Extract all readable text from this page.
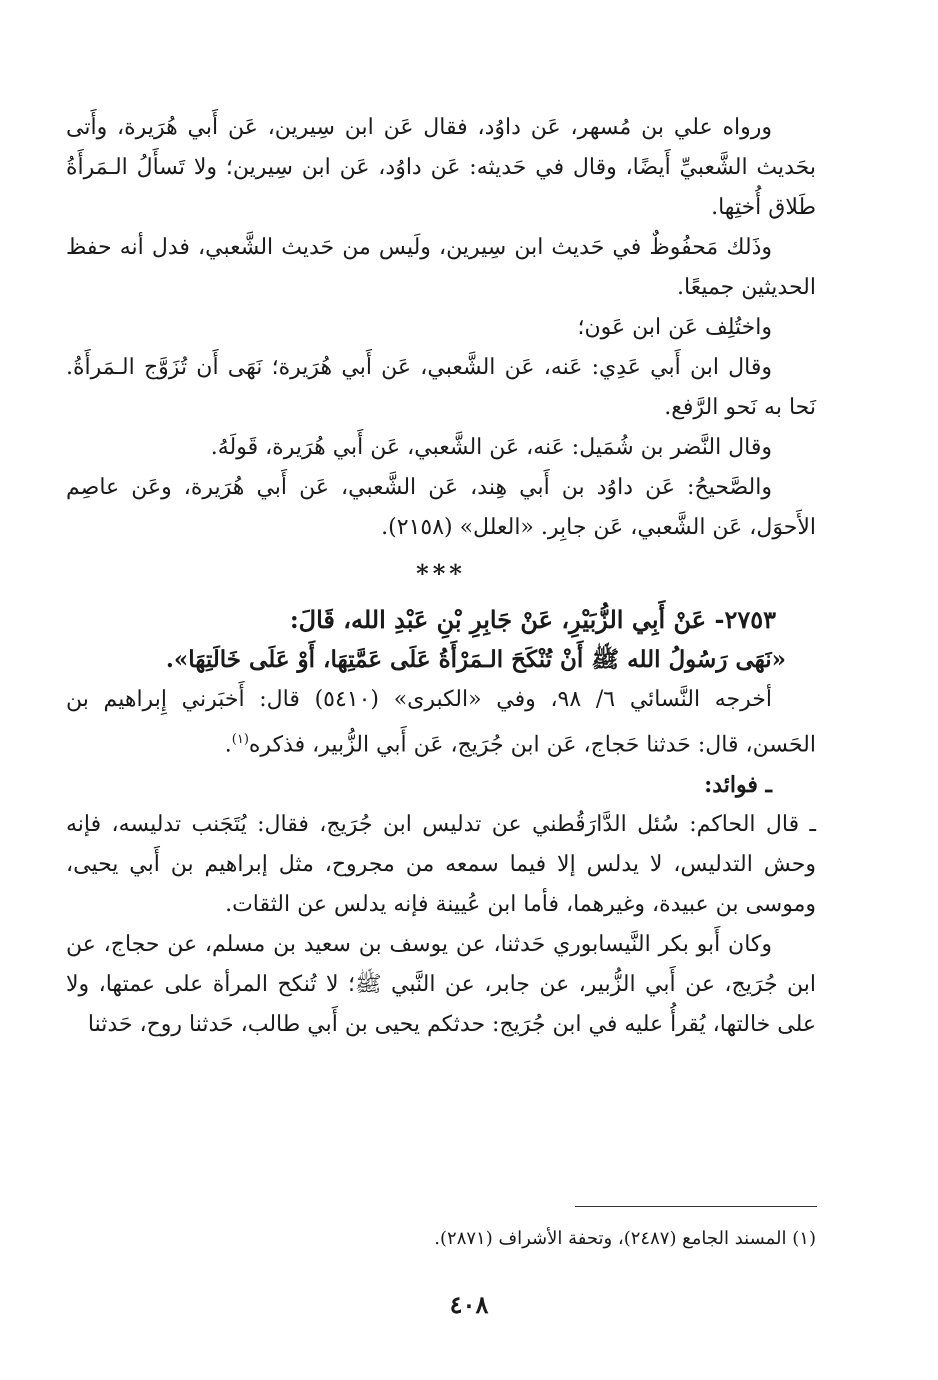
ورواه علي بن مُسهر، عَن داوُد، فقال عَن ابن سِيرين، عَن أَبي هُرَيرة، وأَتى بحَديث الشَّعبيِّ أَيضًا، وقال في حَديثه: عَن داوُد، عَن ابن سِيرين؛ ولا تَسأَلُ الـمَرأَةُ طَلاق أُختِها.

وذَلك مَحفُوظٌ في حَديث ابن سِيرين، ولَيس من حَديث الشَّعبي، فدل أنه حفظ الحديثين جميعًا.

واختُلِف عَن ابن عَون؛

وقال ابن أَبي عَدِي: عَنه، عَن الشَّعبي، عَن أَبي هُرَيرة؛ نَهَى أَن تُزَوَّج الـمَرأَةُ. نَحا به نَحو الرَّفع.

وقال النَّضر بن شُمَيل: عَنه، عَن الشَّعبي، عَن أَبي هُرَيرة، قَولَهُ.

والصَّحيحُ: عَن داوُد بن أَبي هِند، عَن الشَّعبي، عَن أَبي هُرَيرة، وعَن عاصِم الأَحوَل، عَن الشَّعبي، عَن جابِر. «العلل» (٢١٥٨).

***

٢٧٥٣- عَنْ أَبِي الزُّبَيْرِ، عَنْ جَابِرِ بْنِ عَبْدِ الله، قَالَ:

«نَهَى رَسُولُ الله ﷺ أَنْ تُنْكَحَ الـمَرْأَةُ عَلَى عَمَّتِهَا، أَوْ عَلَى خَالَتِهَا».

أخرجه النَّسائي ٦/ ٩٨، وفي «الكبرى» (٥٤١٠) قال: أَخبَرني إِبراهيم بن الحَسن، قال: حَدثنا حَجاج، عَن ابن جُرَيج، عَن أَبي الزُّبير، فذكره$^{(١)}$.

ـ فوائد:

ـ قال الحاكم: سُئل الدَّارَقُطني عن تدليس ابن جُرَيج، فقال: يُتَجَنب تدليسه، فإنه وحش التدليس، لا يدلس إلا فيما سمعه من مجروح، مثل إبراهيم بن أَبي يحيى، وموسى بن عبيدة، وغيرهما، فأما ابن عُيينة فإنه يدلس عن الثقات.

وكان أَبو بكر النَّيسابوري حَدثنا، عن يوسف بن سعيد بن مسلم، عن حجاج، عن ابن جُرَيج، عن أَبي الزُّبير، عن جابر، عن النَّبي ﷺ؛ لا تُنكح المرأة على عمتها، ولا على خالتها، يُقرأُ عليه في ابن جُرَيج: حدثكم يحيى بن أَبي طالب، حَدثنا روح، حَدثنا

(١) المسند الجامع (٢٤٨٧)، وتحفة الأشراف (٢٨٧١).
٤٠٨
